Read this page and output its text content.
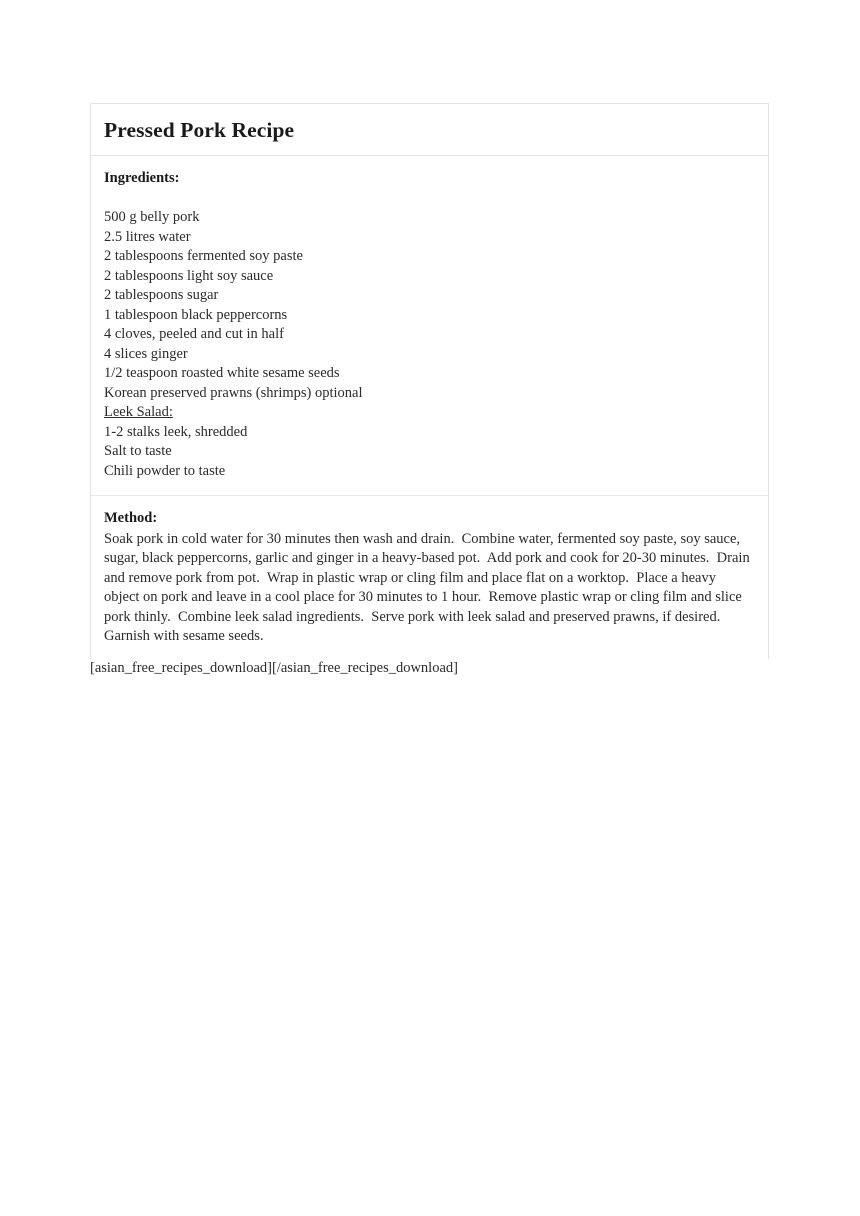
Pressed Pork Recipe
Ingredients:
500 g belly pork
2.5 litres water
2 tablespoons fermented soy paste
2 tablespoons light soy sauce
2 tablespoons sugar
1 tablespoon black peppercorns
4 cloves, peeled and cut in half
4 slices ginger
1/2 teaspoon roasted white sesame seeds
Korean preserved prawns (shrimps) optional
Leek Salad:
1-2 stalks leek, shredded
Salt to taste
Chili powder to taste
Method:

Soak pork in cold water for 30 minutes then wash and drain.  Combine water, fermented soy paste, soy sauce, sugar, black peppercorns, garlic and ginger in a heavy-based pot.  Add pork and cook for 20-30 minutes.  Drain and remove pork from pot.  Wrap in plastic wrap or cling film and place flat on a worktop.  Place a heavy object on pork and leave in a cool place for 30 minutes to 1 hour.  Remove plastic wrap or cling film and slice pork thinly.  Combine leek salad ingredients.  Serve pork with leek salad and preserved prawns, if desired.  Garnish with sesame seeds.

[asian_free_recipes_download][/asian_free_recipes_download]
